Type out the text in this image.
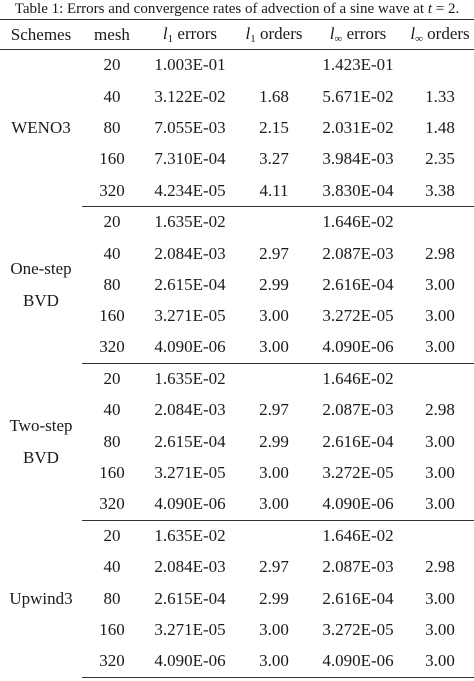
Table 1: Errors and convergence rates of advection of a sine wave at t = 2.
Schemes	mesh	l1 errors	l1 orders	l∞ errors	l∞ orders

WENO3	20	1.003E-01		1.423E-01	
	40	3.122E-02	1.68	5.671E-02	1.33
	80	7.055E-03	2.15	2.031E-02	1.48
	160	7.310E-04	3.27	3.984E-03	2.35
	320	4.234E-05	4.11	3.830E-04	3.38

One-step
BVD	20	1.635E-02		1.646E-02	
	40	2.084E-03	2.97	2.087E-03	2.98
	80	2.615E-04	2.99	2.616E-04	3.00
	160	3.271E-05	3.00	3.272E-05	3.00
	320	4.090E-06	3.00	4.090E-06	3.00

Two-step
BVD	20	1.635E-02		1.646E-02	
	40	2.084E-03	2.97	2.087E-03	2.98
	80	2.615E-04	2.99	2.616E-04	3.00
	160	3.271E-05	3.00	3.272E-05	3.00
	320	4.090E-06	3.00	4.090E-06	3.00

Upwind3	20	1.635E-02		1.646E-02	
	40	2.084E-03	2.97	2.087E-03	2.98
	80	2.615E-04	2.99	2.616E-04	3.00
	160	3.271E-05	3.00	3.272E-05	3.00
	320	4.090E-06	3.00	4.090E-06	3.00
